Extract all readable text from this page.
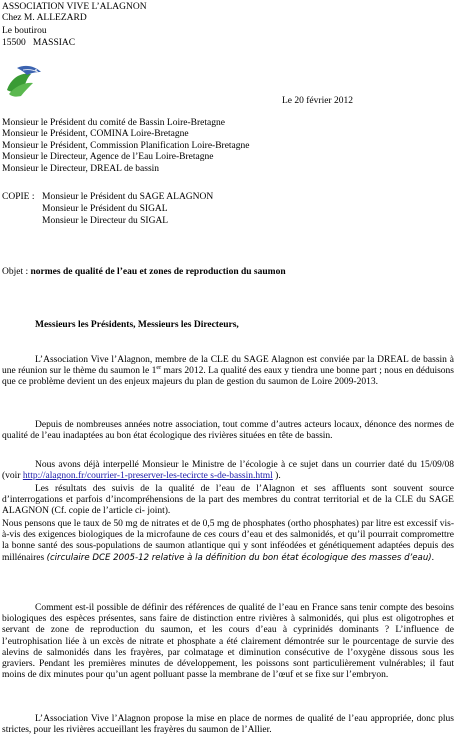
ASSOCIATION VIVE L’ALAGNON
Chez M. ALLEZARD
Le boutirou
15500 MASSIAC
Le 20 février 2012
Monsieur le Président du comité de Bassin Loire-Bretagne
Monsieur le Président, COMINA Loire-Bretagne
Monsieur le Président, Commission Planification Loire-Bretagne
Monsieur le Directeur, Agence de l’Eau Loire-Bretagne
Monsieur le Directeur, DREAL de bassin
COPIE : Monsieur le Président du SAGE ALAGNON
Monsieur le Président du SIGAL
Monsieur le Directeur du SIGAL
Objet : normes de qualité de l’eau et zones de reproduction du saumon
Messieurs les Présidents, Messieurs les Directeurs,
L’Association Vive l’Alagnon, membre de la CLE du SAGE Alagnon est conviée par la DREAL de bassin à une réunion sur le thème du saumon le 1er mars 2012. La qualité des eaux y tiendra une bonne part ; nous en déduisons que ce problème devient un des enjeux majeurs du plan de gestion du saumon de Loire 2009-2013.
Depuis de nombreuses années notre association, tout comme d’autres acteurs locaux, dénonce des normes de qualité de l’eau inadaptées au bon état écologique des rivières situées en tête de bassin.
Nous avons déjà interpellé Monsieur le Ministre de l’écologie à ce sujet dans un courrier daté du 15/09/08 (voir http://alagnon.fr/courrier-1-preserver-les-tecircte s-de-bassin.html ).
Les résultats des suivis de la qualité de l’eau de l’Alagnon et ses affluents sont souvent source d’interrogations et parfois d’incompréhensions de la part des membres du contrat territorial et de la CLE du SAGE ALAGNON (Cf. copie de l’article ci- joint).
Nous pensons que le taux de 50 mg de nitrates et de 0,5 mg de phosphates (ortho phosphates) par litre est excessif vis-à-vis des exigences biologiques de la microfaune de ces cours d’eau et des salmonidés, et qu’il pourrait compromettre la bonne santé des sous-populations de saumon atlantique qui y sont inféodées et génétiquement adaptées depuis des millénaires (circulaire DCE 2005-12 relative à la définition du bon état écologique des masses d’eau).
Comment est-il possible de définir des références de qualité de l’eau en France sans tenir compte des besoins biologiques des espèces présentes, sans faire de distinction entre rivières à salmonidés, qui plus est oligotrophes et servant de zone de reproduction du saumon, et les cours d’eau à cyprinidés dominants ? L’influence de l’eutrophisation liée à un excès de nitrate et phosphate a été clairement démontrée sur le pourcentage de survie des alevins de salmonidés dans les frayères, par colmatage et diminution consécutive de l’oxygène dissous sous les graviers. Pendant les premières minutes de développement, les poissons sont particulièrement vulnérables; il faut moins de dix minutes pour qu’un agent polluant passe la membrane de l’œuf et se fixe sur l’embryon.
L’Association Vive l’Alagnon propose la mise en place de normes de qualité de l’eau appropriée, donc plus strictes, pour les rivières accueillant les frayères du saumon de l’Allier.
